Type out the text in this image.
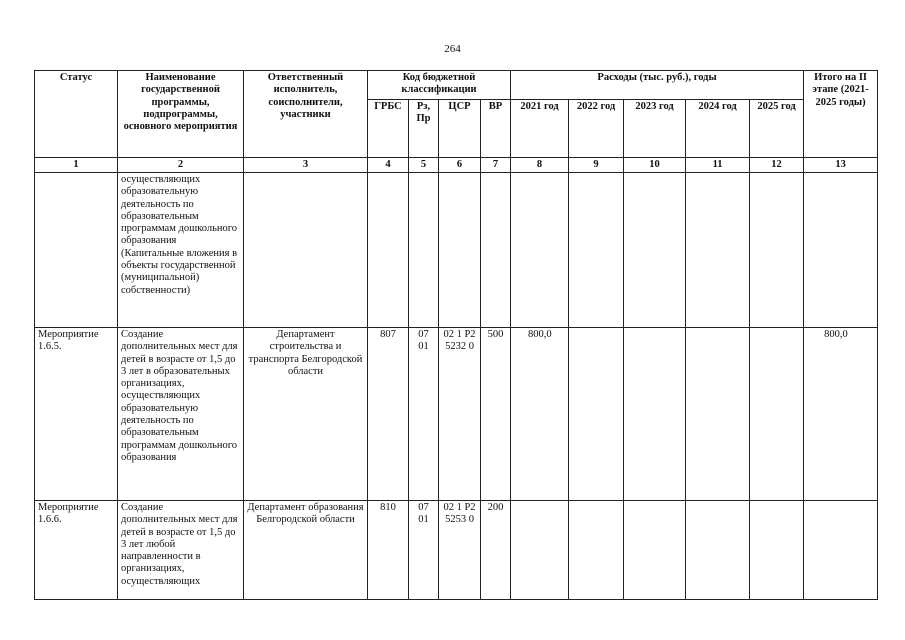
264
Статус	Наименование государственной программы, подпрограммы, основного мероприятия	Ответственный исполнитель, соисполнители, участники	Код бюджетной классификации				Расходы (тыс. руб.), годы					Итого на II этапе (2021-2025 годы)
			ГРБС	Рз, Пр	ЦСР	ВР	2021 год	2022 год	2023 год	2024 год	2025 год	
1	2	3	4	5	6	7	8	9	10	11	12	13
	осуществляющих образовательную деятельность по образовательным программам дошкольного образования (Капитальные вложения в объекты государственной (муниципальной) собственности)											
Мероприятие 1.6.5.	Создание дополнительных мест для детей в возрасте от 1,5 до 3 лет в образовательных организациях, осуществляющих образовательную деятельность по образовательным программам дошкольного образования	Департамент строительства и транспорта Белгородской области	807	07 01	02 1 Р2 5232 0	500	800,0					800,0
Мероприятие 1.6.6.	Создание дополнительных мест для детей в возрасте от 1,5 до 3 лет любой направленности в организациях, осуществляющих	Департамент образования Белгородской области	810	07 01	02 1 Р2 5253 0	200						
